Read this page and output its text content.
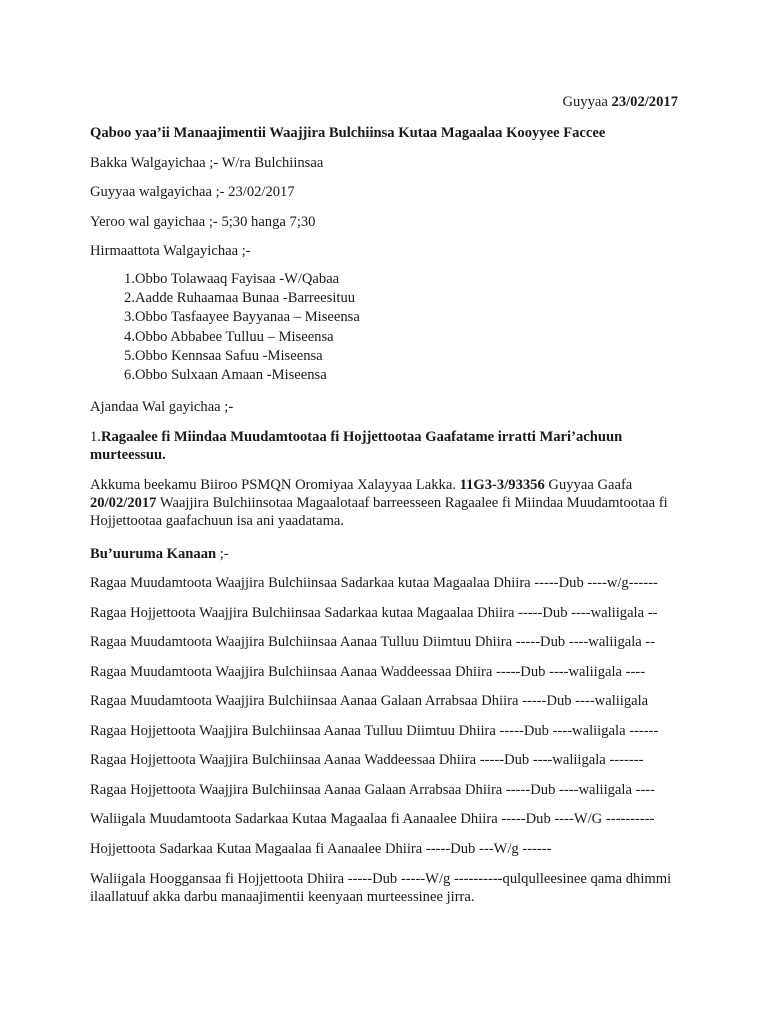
Guyyaa 23/02/2017
Qaboo yaa’ii Manaajimentii Waajjira Bulchiinsa Kutaa Magaalaa Kooyyee Faccee
Bakka Walgayichaa ;- W/ra Bulchiinsaa
Guyyaa walgayichaa ;- 23/02/2017
Yeroo wal gayichaa ;- 5;30 hanga 7;30
Hirmaattota Walgayichaa ;-
1.Obbo Tolawaaq Fayisaa -W/Qabaa
2.Aadde Ruhaamaa Bunaa -Barreesituu
3.Obbo Tasfaayee Bayyanaa – Miseensa
4.Obbo Abbabee Tulluu – Miseensa
5.Obbo Kennsaa Safuu -Miseensa
6.Obbo Sulxaan Amaan -Miseensa
Ajandaa Wal gayichaa ;-
1.Ragaalee fi Miindaa Muudamtootaa fi Hojjettootaa Gaafatame irratti Mari’achuun murteessuu.
Akkuma beekamu Biiroo PSMQN Oromiyaa Xalayyaa Lakka. 11G3-3/93356 Guyyaa Gaafa 20/02/2017 Waajjira Bulchiinsotaa Magaalotaaf barreesseen Ragaalee fi Miindaa Muudamtootaa fi Hojjettootaa gaafachuun isa ani yaadatama.
Bu’uuruma Kanaan ;-
Ragaa Muudamtoota Waajjira Bulchiinsaa Sadarkaa kutaa Magaalaa Dhiira -----Dub ----w/g------
Ragaa Hojjettoota Waajjira Bulchiinsaa Sadarkaa kutaa Magaalaa Dhiira -----Dub ----waliigala --
Ragaa Muudamtoota Waajjira Bulchiinsaa Aanaa Tulluu Diimtuu Dhiira -----Dub ----waliigala --
Ragaa Muudamtoota Waajjira Bulchiinsaa Aanaa Waddeessaa Dhiira -----Dub ----waliigala ----
Ragaa Muudamtoota Waajjira Bulchiinsaa Aanaa Galaan Arrabsaa Dhiira -----Dub ----waliigala
Ragaa Hojjettoota Waajjira Bulchiinsaa Aanaa Tulluu Diimtuu Dhiira -----Dub ----waliigala ------
Ragaa Hojjettoota Waajjira Bulchiinsaa Aanaa Waddeessaa Dhiira -----Dub ----waliigala -------
Ragaa Hojjettoota Waajjira Bulchiinsaa Aanaa Galaan Arrabsaa Dhiira -----Dub ----waliigala ----
Waliigala Muudamtoota Sadarkaa Kutaa Magaalaa fi Aanaalee Dhiira -----Dub ----W/G ----------
Hojjettoota Sadarkaa Kutaa Magaalaa fi Aanaalee Dhiira -----Dub ---W/g ------
Waliigala Hooggansaa fi Hojjettoota Dhiira -----Dub -----W/g ----------qulqulleesinee qama dhimmi ilaallatuuf akka darbu manaajimentii keenyaan murteessinee jirra.
